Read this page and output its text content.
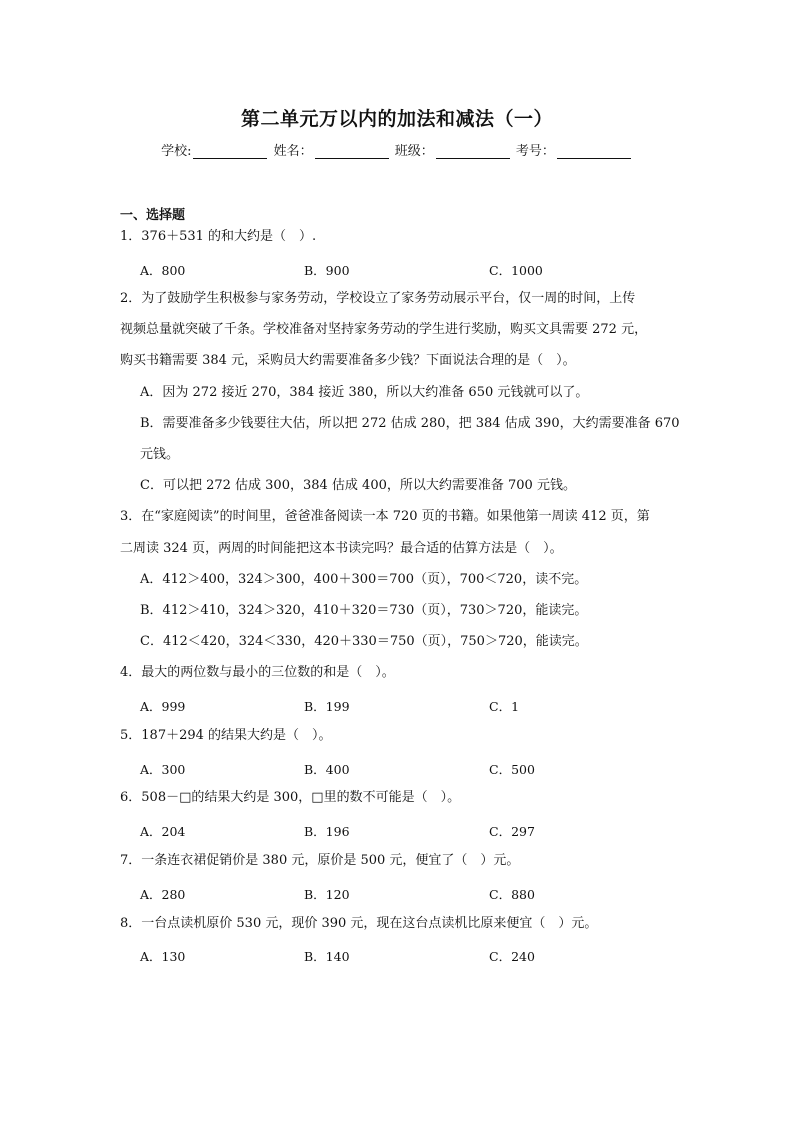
第二单元万以内的加法和减法（一）
学校:	姓名：	班级：	考号：
一、选择题
1．376＋531 的和大约是（　）.
A．800	B．900	C．1000
2．为了鼓励学生积极参与家务劳动，学校设立了家务劳动展示平台，仅一周的时间，上传
视频总量就突破了千条。学校准备对坚持家务劳动的学生进行奖励，购买文具需要 272 元，
购买书籍需要 384 元，采购员大约需要准备多少钱？下面说法合理的是（　）。
A．因为 272 接近 270，384 接近 380，所以大约准备 650 元钱就可以了。
B．需要准备多少钱要往大估，所以把 272 估成 280，把 384 估成 390，大约需要准备 670
元钱。
C．可以把 272 估成 300，384 估成 400，所以大约需要准备 700 元钱。
3．在“家庭阅读”的时间里，爸爸准备阅读一本 720 页的书籍。如果他第一周读 412 页，第
二周读 324 页，两周的时间能把这本书读完吗？最合适的估算方法是（　）。
A．412＞400，324＞300，400＋300＝700（页），700＜720，读不完。
B．412＞410，324＞320，410＋320＝730（页），730＞720，能读完。
C．412＜420，324＜330，420＋330＝750（页），750＞720，能读完。
4．最大的两位数与最小的三位数的和是（　）。
A．999	B．199	C．1
5．187＋294 的结果大约是（　）。
A．300	B．400	C．500
6．508－□的结果大约是 300，□里的数不可能是（　）。
A．204	B．196	C．297
7．一条连衣裙促销价是 380 元，原价是 500 元，便宜了（　）元。
A．280	B．120	C．880
8．一台点读机原价 530 元，现价 390 元，现在这台点读机比原来便宜（　）元。
A．130	B．140	C．240
